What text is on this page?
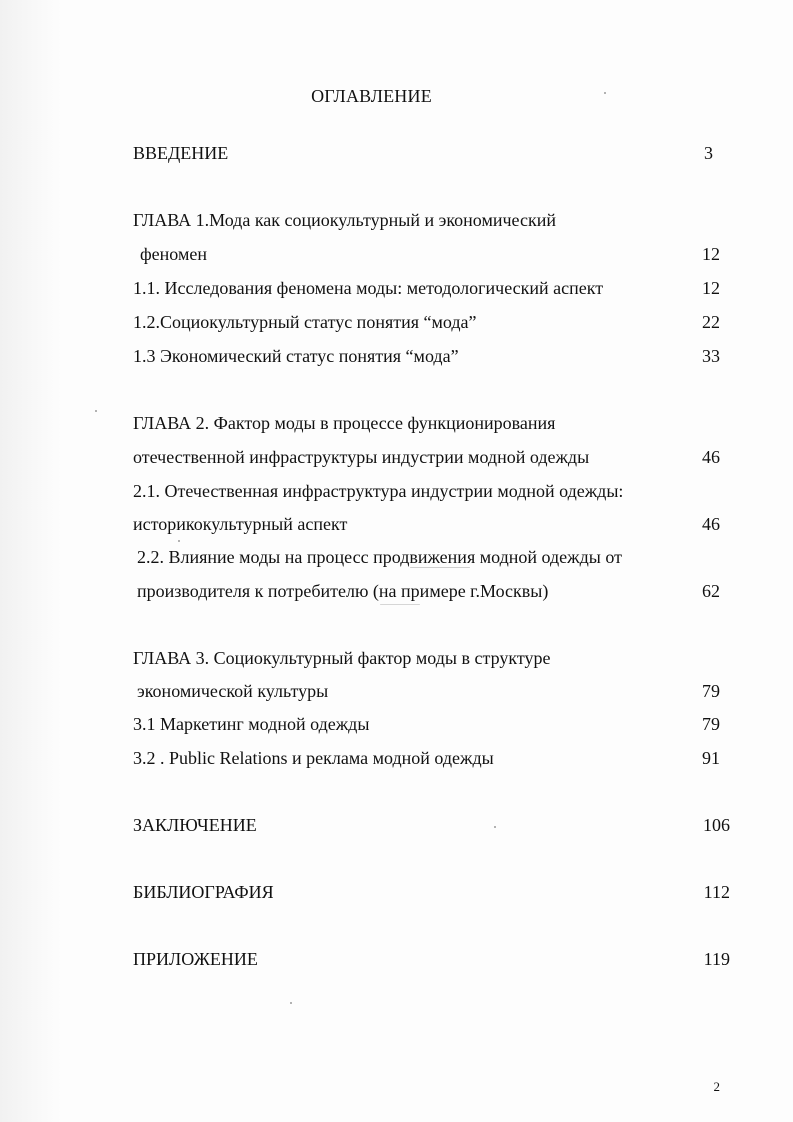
ОГЛАВЛЕНИЕ
ВВЕДЕНИЕ	3
ГЛАВА 1.Мода как социокультурный и экономический
феномен	12
1.1. Исследования феномена моды: методологический аспект	12
1.2.Социокультурный статус понятия “мода”	22
1.3 Экономический статус понятия “мода”	33
ГЛАВА 2. Фактор моды в процессе функционирования
отечественной инфраструктуры индустрии модной одежды	46
2.1. Отечественная инфраструктура индустрии модной одежды:
историкокультурный аспект	46
2.2. Влияние моды на процесс продвижения модной одежды от
производителя к потребителю (на примере г.Москвы)	62
ГЛАВА 3. Социокультурный фактор моды в структуре
экономической культуры	79
3.1 Маркетинг модной одежды	79
3.2 . Public Relations и реклама модной одежды	91
ЗАКЛЮЧЕНИЕ	106
БИБЛИОГРАФИЯ	112
ПРИЛОЖЕНИЕ	119
2
